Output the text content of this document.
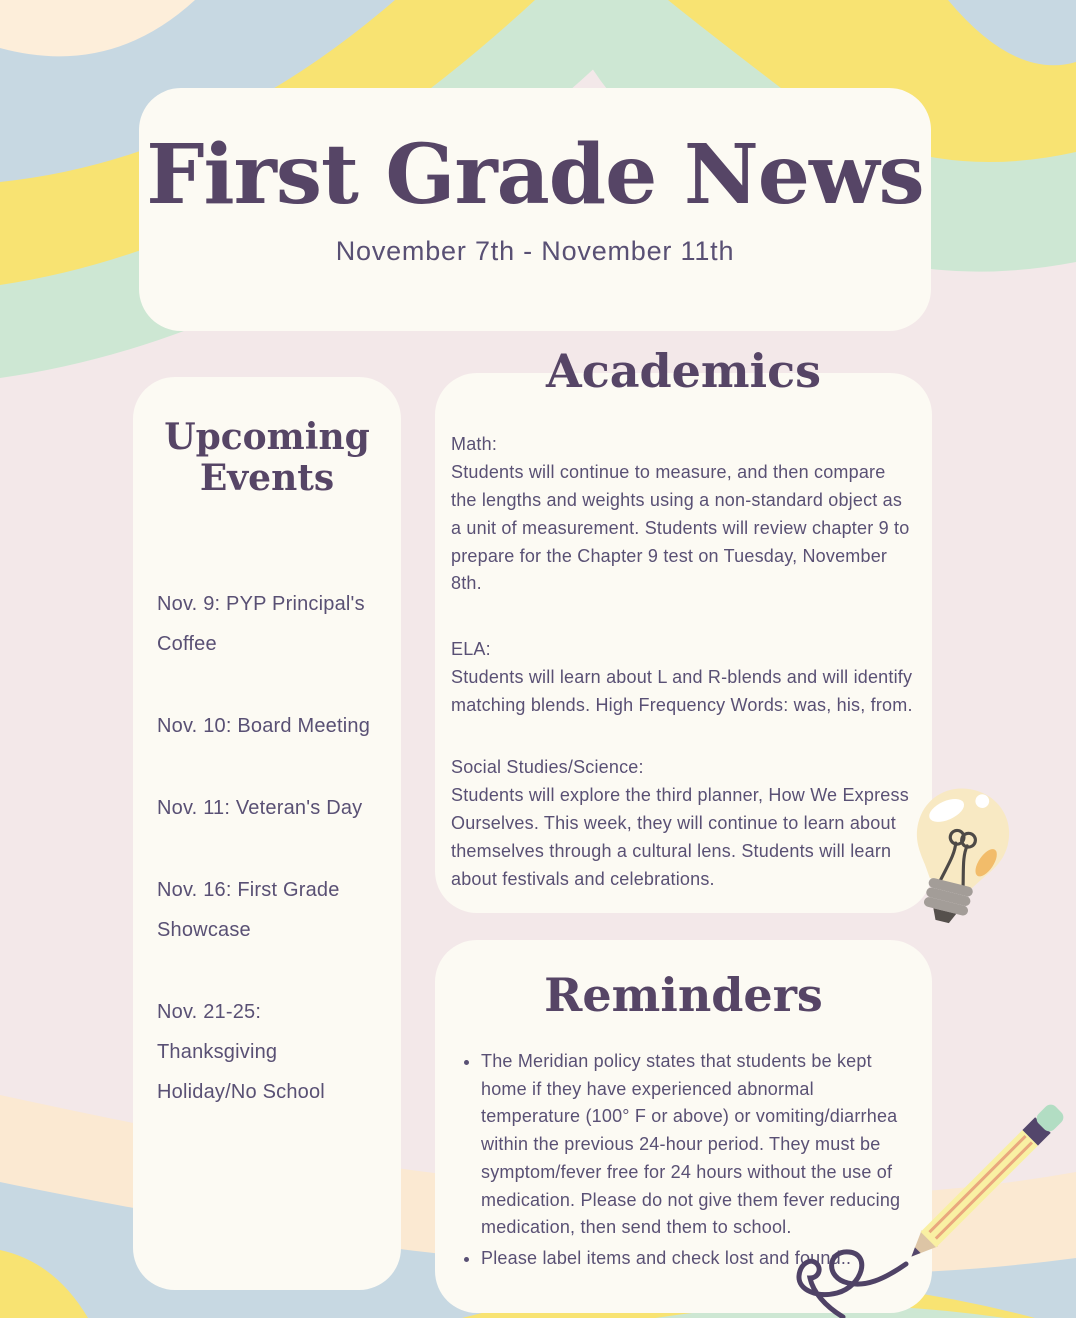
First Grade News
November 7th - November 11th
Upcoming Events

Nov. 9: PYP Principal's Coffee

Nov. 10: Board Meeting

Nov. 11: Veteran's Day

Nov. 16: First Grade Showcase

Nov. 21-25: Thanksgiving Holiday/No School

Math:

Students will continue to measure, and then compare the lengths and weights using a non-standard object as a unit of measurement. Students will review chapter 9 to prepare for the Chapter 9 test on Tuesday, November 8th.

ELA:

Students will learn about L and R-blends and will identify matching blends. High Frequency Words: was, his, from.

Social Studies/Science:

Students will explore the third planner, How We Express Ourselves. This week, they will continue to learn about themselves through a cultural lens. Students will learn about festivals and celebrations.

Academics
Reminders
• The Meridian policy states that students be kept home if they have experienced abnormal temperature (100° F or above) or vomiting/diarrhea within the previous 24-hour period. They must be symptom/fever free for 24 hours without the use of medication. Please do not give them fever reducing medication, then send them to school.
• Please label items and check lost and found..
